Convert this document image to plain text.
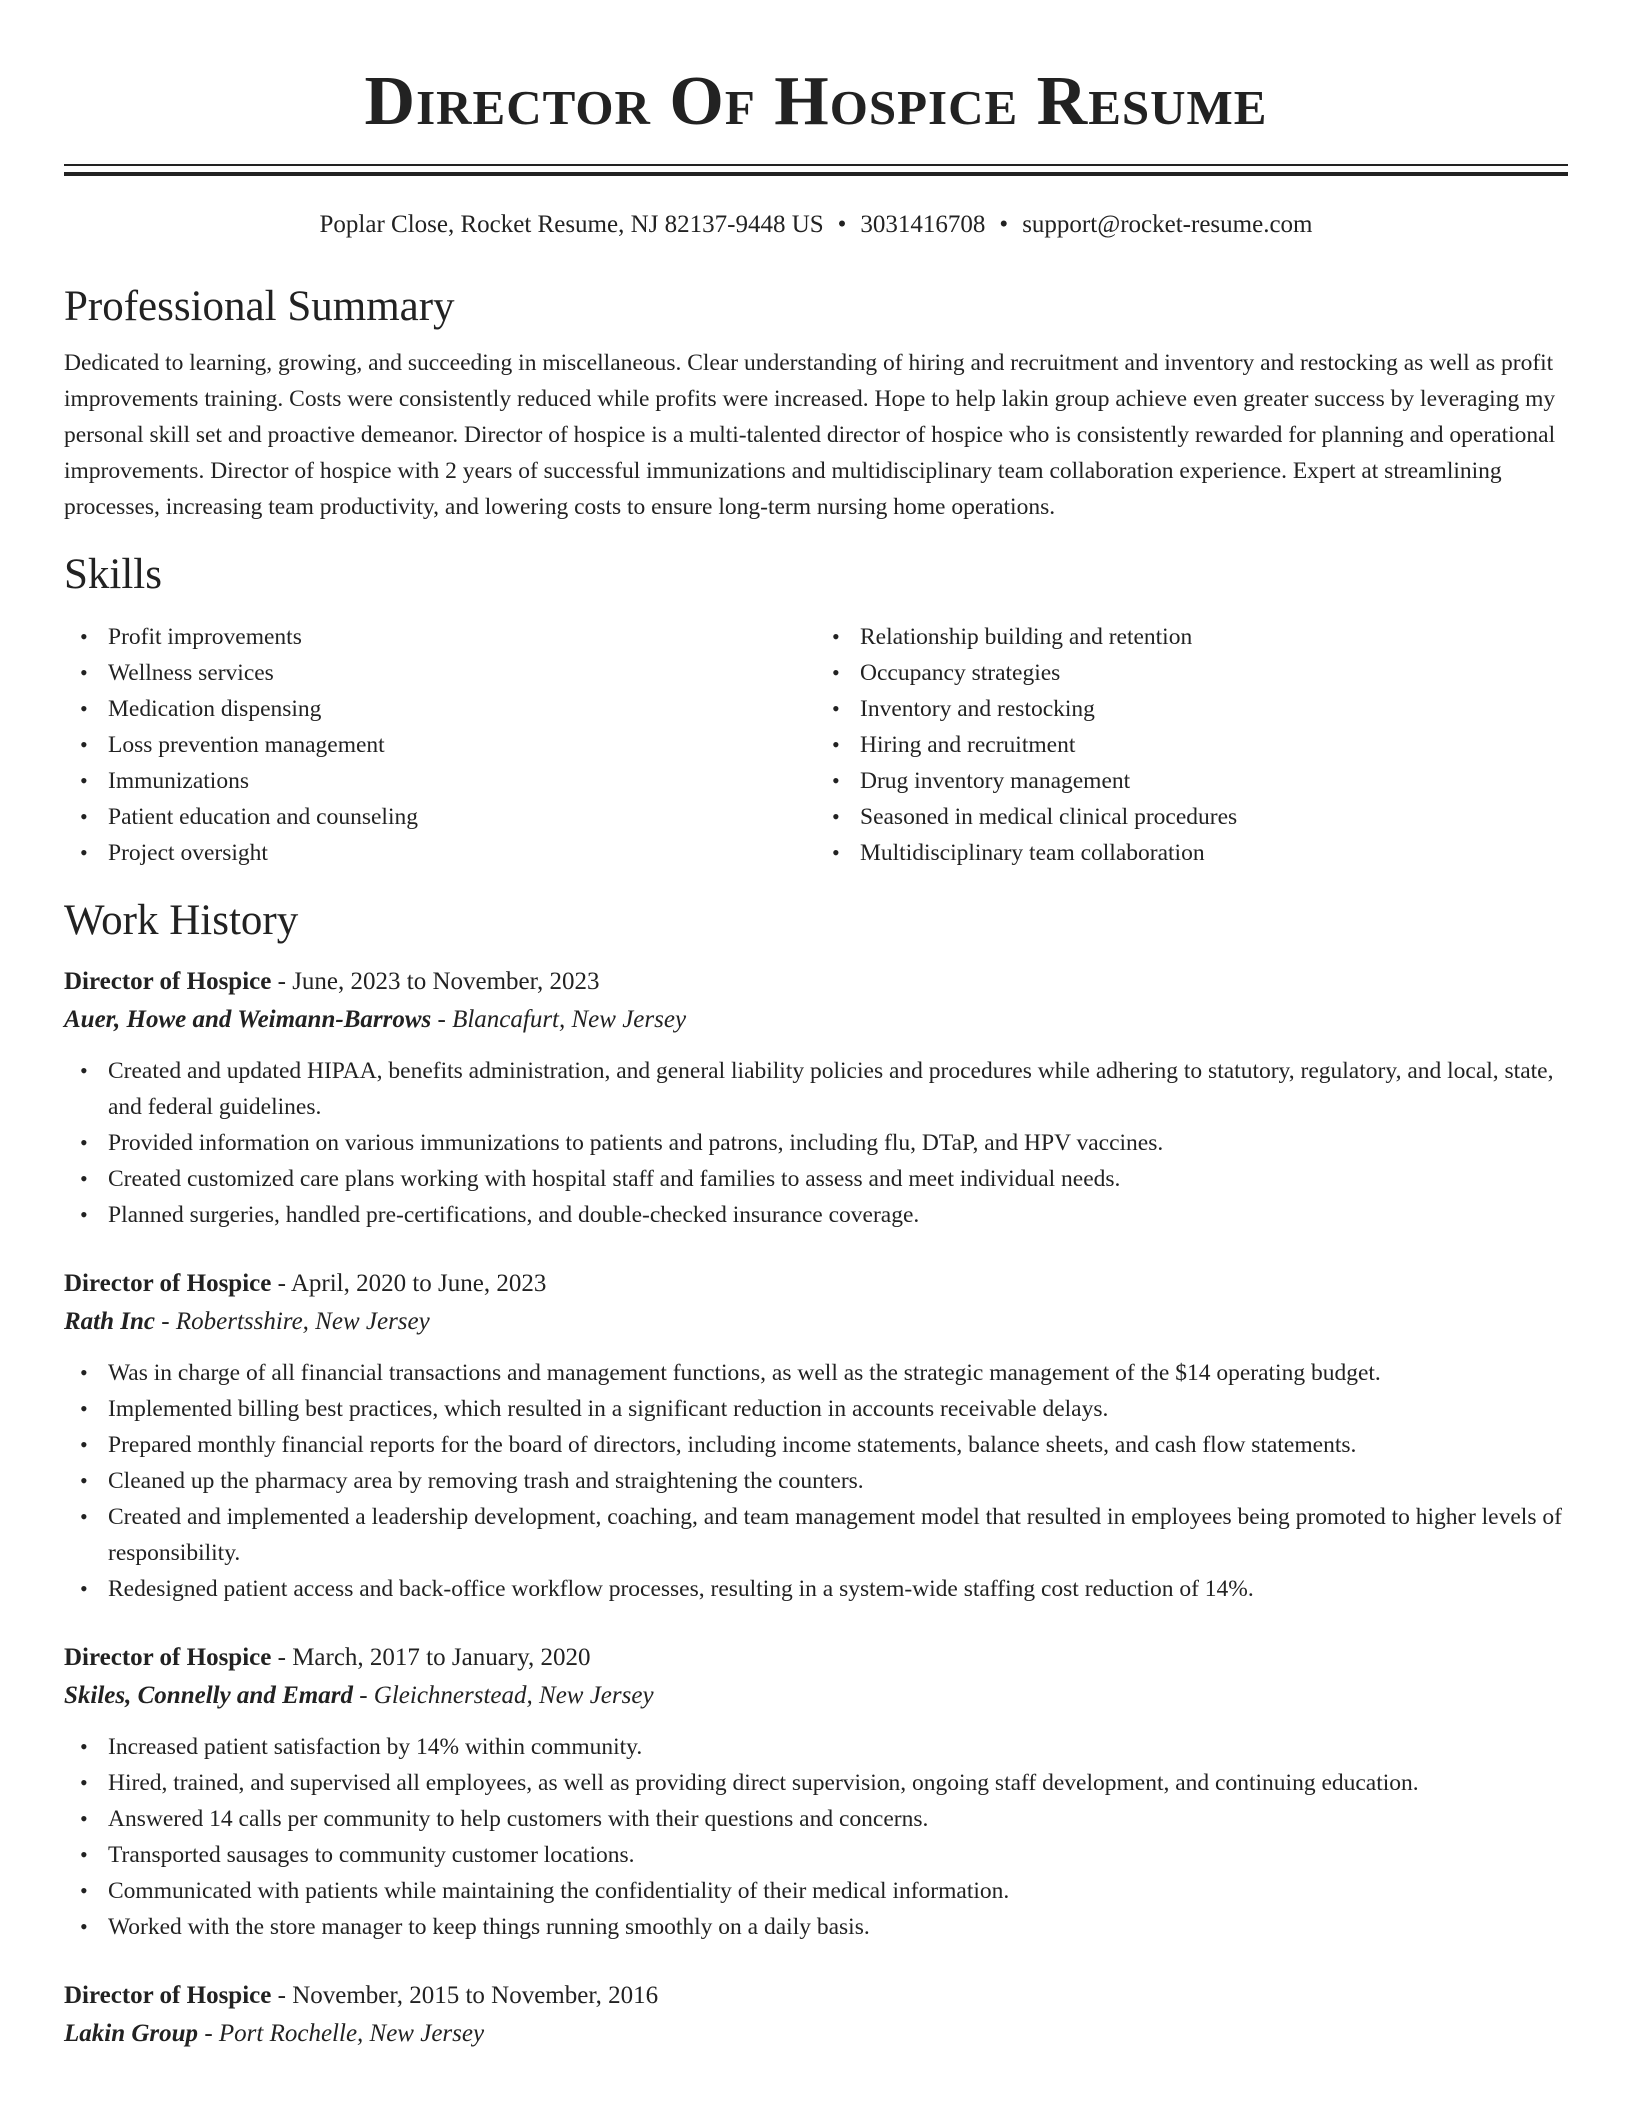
Director Of Hospice Resume
Poplar Close, Rocket Resume, NJ 82137-9448 US • 3031416708 • support@rocket-resume.com
Professional Summary

Dedicated to learning, growing, and succeeding in miscellaneous. Clear understanding of hiring and recruitment and inventory and restocking as well as profit improvements training. Costs were consistently reduced while profits were increased. Hope to help lakin group achieve even greater success by leveraging my personal skill set and proactive demeanor. Director of hospice is a multi-talented director of hospice who is consistently rewarded for planning and operational improvements. Director of hospice with 2 years of successful immunizations and multidisciplinary team collaboration experience. Expert at streamlining processes, increasing team productivity, and lowering costs to ensure long-term nursing home operations.

Skills
• Profit improvements
• Wellness services
• Medication dispensing
• Loss prevention management
• Immunizations
• Patient education and counseling
• Project oversight
• Relationship building and retention
• Occupancy strategies
• Inventory and restocking
• Hiring and recruitment
• Drug inventory management
• Seasoned in medical clinical procedures
• Multidisciplinary team collaboration
Work History
Director of Hospice - June, 2023 to November, 2023
Auer, Howe and Weimann-Barrows - Blancafurt, New Jersey
• Created and updated HIPAA, benefits administration, and general liability policies and procedures while adhering to statutory, regulatory, and local, state, and federal guidelines.
• Provided information on various immunizations to patients and patrons, including flu, DTaP, and HPV vaccines.
• Created customized care plans working with hospital staff and families to assess and meet individual needs.
• Planned surgeries, handled pre-certifications, and double-checked insurance coverage.
Director of Hospice - April, 2020 to June, 2023
Rath Inc - Robertsshire, New Jersey
• Was in charge of all financial transactions and management functions, as well as the strategic management of the $14 operating budget.
• Implemented billing best practices, which resulted in a significant reduction in accounts receivable delays.
• Prepared monthly financial reports for the board of directors, including income statements, balance sheets, and cash flow statements.
• Cleaned up the pharmacy area by removing trash and straightening the counters.
• Created and implemented a leadership development, coaching, and team management model that resulted in employees being promoted to higher levels of responsibility.
• Redesigned patient access and back-office workflow processes, resulting in a system-wide staffing cost reduction of 14%.
Director of Hospice - March, 2017 to January, 2020
Skiles, Connelly and Emard - Gleichnerstead, New Jersey
• Increased patient satisfaction by 14% within community.
• Hired, trained, and supervised all employees, as well as providing direct supervision, ongoing staff development, and continuing education.
• Answered 14 calls per community to help customers with their questions and concerns.
• Transported sausages to community customer locations.
• Communicated with patients while maintaining the confidentiality of their medical information.
• Worked with the store manager to keep things running smoothly on a daily basis.
Director of Hospice - November, 2015 to November, 2016
Lakin Group - Port Rochelle, New Jersey
